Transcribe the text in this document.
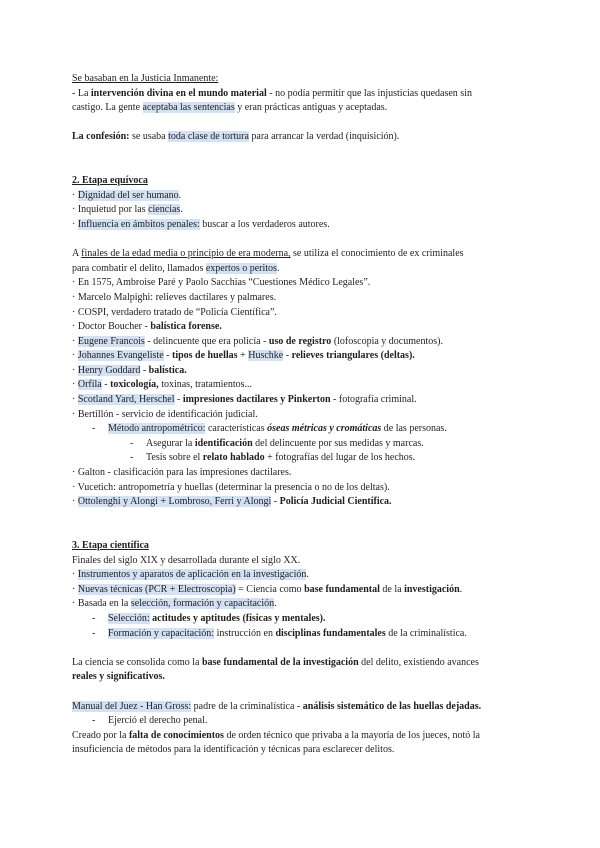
Se basaban en la Justicia Inmanente:
- La intervención divina en el mundo material - no podía permitir que las injusticias quedasen sin
castigo. La gente aceptaba las sentencias y eran prácticas antiguas y aceptadas.
La confesión: se usaba toda clase de tortura para arrancar la verdad (inquisición).
2. Etapa equívoca
· Dignidad del ser humano.
· Inquietud por las ciencias.
· Influencia en ámbitos penales: buscar a los verdaderos autores.
A finales de la edad media o principio de era moderna, se utiliza el conocimiento de ex criminales
para combatir el delito, llamados expertos o peritos.
· En 1575, Ambroise Paré y Paolo Sacchias “Cuestiones Médico Legales”.
· Marcelo Malpighi: relieves dactilares y palmares.
· COSPI, verdadero tratado de “Policía Científica”.
· Doctor Boucher - balística forense.
· Eugene Francois - delincuente que era policía - uso de registro (lofoscopia y documentos).
· Johannes Evangeliste - tipos de huellas + Huschke - relieves triangulares (deltas).
· Henry Goddard - balística.
· Orfila - toxicología, toxinas, tratamientos...
· Scotland Yard, Herschel - impresiones dactilares y Pinkerton - fotografía criminal.
· Bertillón - servicio de identificación judicial.
- Método antropométrico: características óseas métricas y cromáticas de las personas.
- Asegurar la identificación del delincuente por sus medidas y marcas.
- Tesis sobre el relato hablado + fotografías del lugar de los hechos.
· Galton - clasificación para las impresiones dactilares.
· Vucetich: antropometría y huellas (determinar la presencia o no de los deltas).
· Ottolenghi y Alongi + Lombroso, Ferri y Alongi - Policía Judicial Científica.
3. Etapa científica
Finales del siglo XIX y desarrollada durante el siglo XX.
· Instrumentos y aparatos de aplicación en la investigación.
· Nuevas técnicas (PCR + Electroscopia) = Ciencia como base fundamental de la investigación.
· Basada en la selección, formación y capacitación.
- Selección: actitudes y aptitudes (físicas y mentales).
- Formación y capacitación: instrucción en disciplinas fundamentales de la criminalística.
La ciencia se consolida como la base fundamental de la investigación del delito, existiendo avances
reales y significativos.
Manual del Juez - Han Gross: padre de la criminalística - análisis sistemático de las huellas dejadas.
- Ejerció el derecho penal.
Creado por la falta de conocimientos de orden técnico que privaba a la mayoría de los jueces, notó la
insuficiencia de métodos para la identificación y técnicas para esclarecer delitos.
